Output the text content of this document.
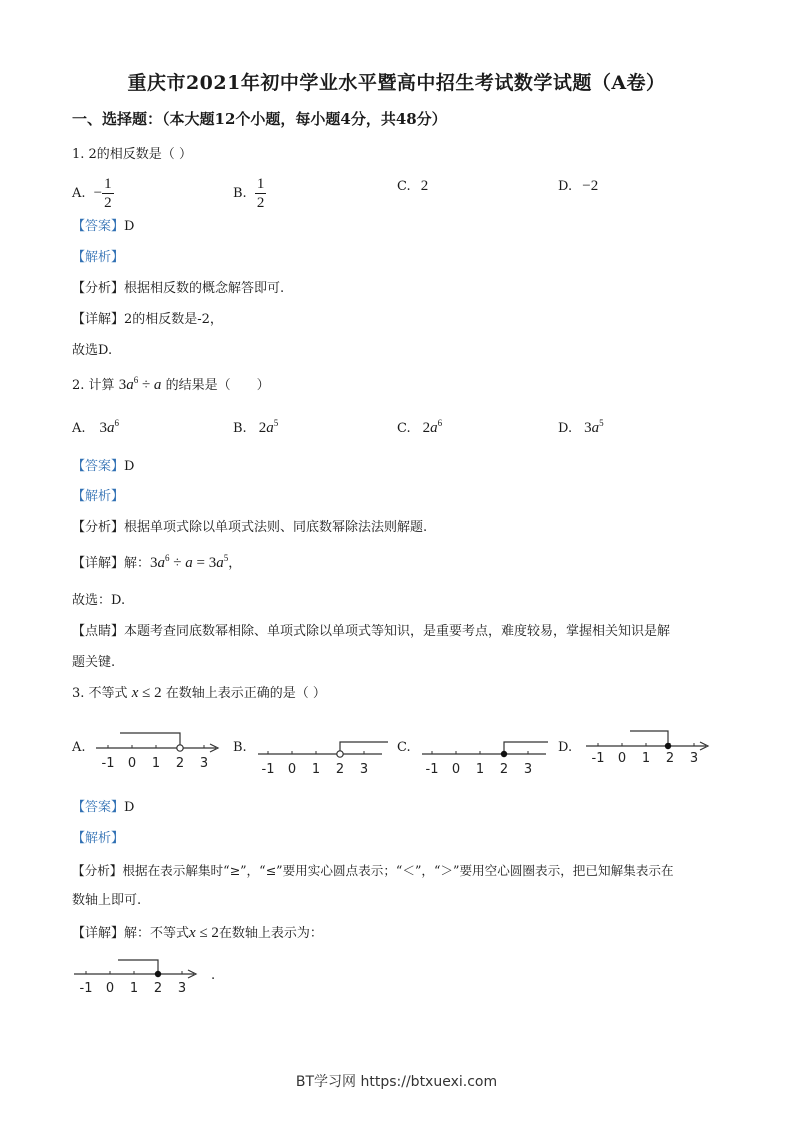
重庆市2021年初中学业水平暨高中招生考试数学试题（A卷）
一、选择题：（本大题12个小题，每小题4分，共48分）
1. 2的相反数是（ ）
A. − $\frac{1}{2}$	B. $\frac{1}{2}$	C. 2	D. −2
【答案】D
【解析】
【分析】根据相反数的概念解答即可.
【详解】2的相反数是-2，
故选D.
2. 计算 $3a^6 \div a$ 的结果是（　　）
A. $3a^6$	B. $2a^5$	C. $2a^6$	D. $3a^5$
【答案】D
【解析】
【分析】根据单项式除以单项式法则、同底数幂除法法则解题.
【详解】解：$3a^6 \div a = 3a^5$，
故选：D.
【点睛】本题考查同底数幂相除、单项式除以单项式等知识，是重要考点，难度较易，掌握相关知识是解
题关键.
3. 不等式 x ≤ 2 在数轴上表示正确的是（ ）
A.
-1 0 1 2 3
B.
-1 0 1 2 3
C.
-1 0 1 2 3
D.
-1 0 1 2 3
【答案】D
【解析】
【分析】根据在表示解集时“≥”，“≤”要用实心圆点表示；“＜”，“＞”要用空心圆圈表示，把已知解集表示在
数轴上即可.
【详解】解：不等式x ≤ 2在数轴上表示为：
-1 0 1 2 3
.
BT学习网 https://btxuexi.com
